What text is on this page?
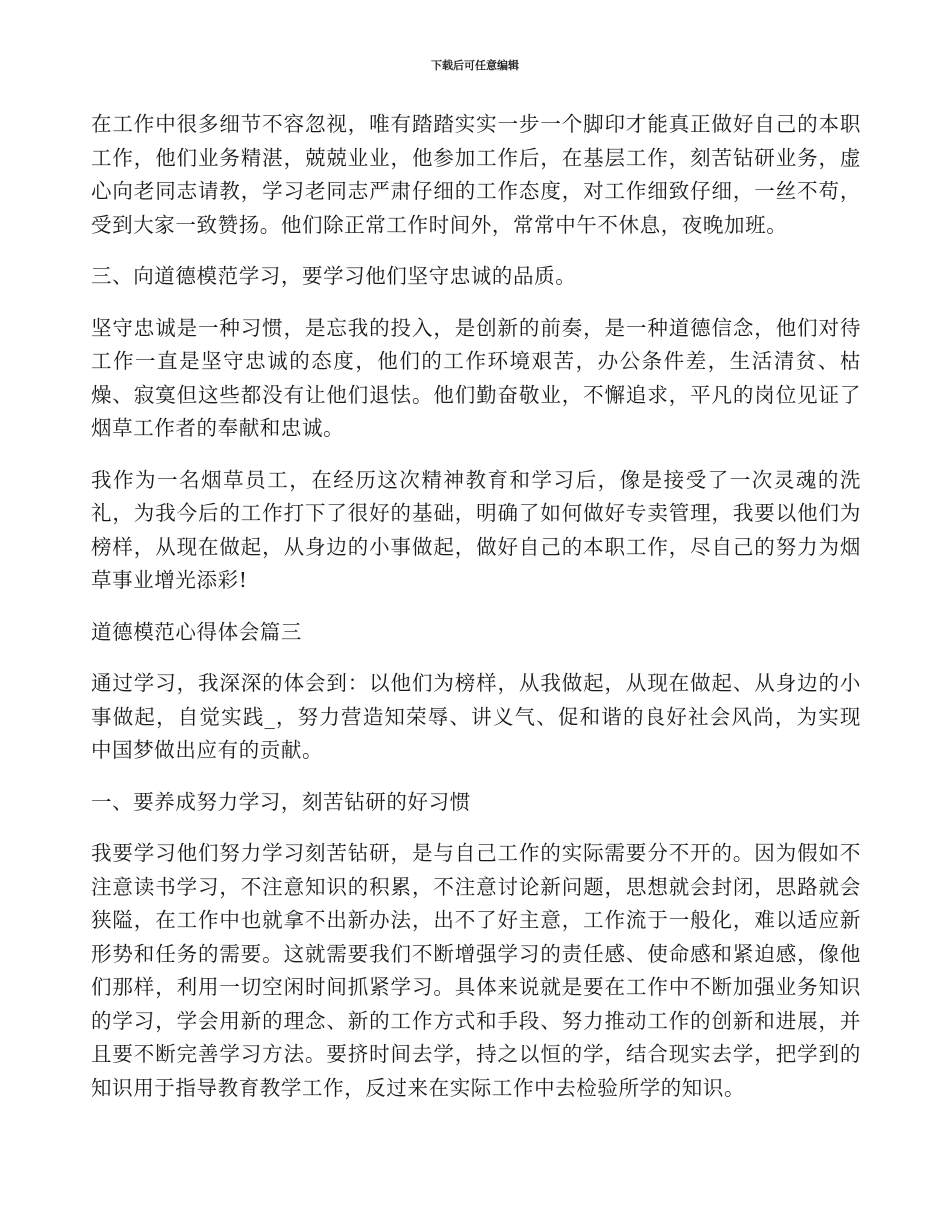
下载后可任意编辑

在工作中很多细节不容忽视，唯有踏踏实实一步一个脚印才能真正做好自己的本职工作，他们业务精湛，兢兢业业，他参加工作后，在基层工作，刻苦钻研业务，虚心向老同志请教，学习老同志严肃仔细的工作态度，对工作细致仔细，一丝不苟，受到大家一致赞扬。他们除正常工作时间外，常常中午不休息，夜晚加班。

三、向道德模范学习，要学习他们坚守忠诚的品质。

坚守忠诚是一种习惯，是忘我的投入，是创新的前奏，是一种道德信念，他们对待工作一直是坚守忠诚的态度，他们的工作环境艰苦，办公条件差，生活清贫、枯燥、寂寞但这些都没有让他们退怯。他们勤奋敬业，不懈追求，平凡的岗位见证了烟草工作者的奉献和忠诚。

我作为一名烟草员工，在经历这次精神教育和学习后，像是接受了一次灵魂的洗礼，为我今后的工作打下了很好的基础，明确了如何做好专卖管理，我要以他们为榜样，从现在做起，从身边的小事做起，做好自己的本职工作，尽自己的努力为烟草事业增光添彩!

道德模范心得体会篇三

通过学习，我深深的体会到：以他们为榜样，从我做起，从现在做起、从身边的小事做起，自觉实践_，努力营造知荣辱、讲义气、促和谐的良好社会风尚，为实现中国梦做出应有的贡献。

一、要养成努力学习，刻苦钻研的好习惯

我要学习他们努力学习刻苦钻研，是与自己工作的实际需要分不开的。因为假如不注意读书学习，不注意知识的积累，不注意讨论新问题，思想就会封闭，思路就会狭隘，在工作中也就拿不出新办法，出不了好主意，工作流于一般化，难以适应新形势和任务的需要。这就需要我们不断增强学习的责任感、使命感和紧迫感，像他们那样，利用一切空闲时间抓紧学习。具体来说就是要在工作中不断加强业务知识的学习，学会用新的理念、新的工作方式和手段、努力推动工作的创新和进展，并且要不断完善学习方法。要挤时间去学，持之以恒的学，结合现实去学，把学到的知识用于指导教育教学工作，反过来在实际工作中去检验所学的知识。
